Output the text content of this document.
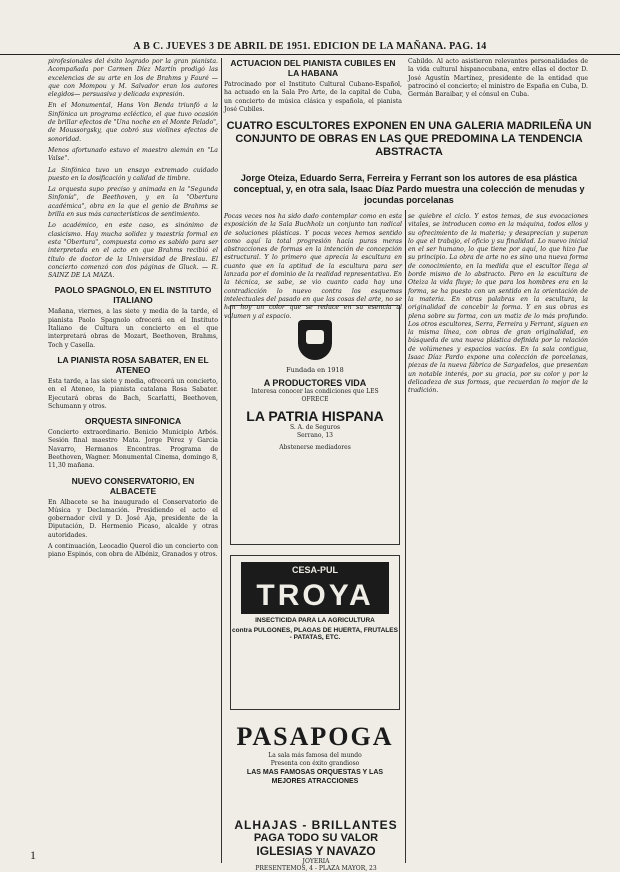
A B C. JUEVES 3 DE ABRIL DE 1951. EDICION DE LA MAÑANA. PAG. 14

pirofesionales del éxito logrado por la gran pianista. Acompañada por Carmen Díez Martín prodigó las excelencias de su arte en los de Brahms y Fauré —que con Mompou y M. Salvador eran los autores elegidos— persuasiva y delicada expresión.

En el Monumental, Hans Von Benda triunfó a la Sinfónica un programa ecléctico, el que tuvo ocasión de brillar efectos de "Una noche en el Monte Pelado", de Moussorgsky, que cobró sus violines efectos de sonoridad.

Menos afortunado estuvo el maestro alemán en "La Valse".

La Sinfónica tuvo un ensayo extremado cuidado puesto en la dosificación y calidad de timbre.

La orquesta supo preciso y animada en la "Segunda Sinfonía", de Beethoven, y en la "Obertura académica", obra en la que el genio de Brahms se brilla en sus más característicos de sentimiento.

Lo académico, en este caso, es sinónimo de clasicismo. Hay mucha solidez y maestría formal en esta "Obertura", compuesta como es sabido para ser interpretada en el acto en que Brahms recibió el título de doctor de la Universidad de Breslau. El concierto comenzó con dos páginas de Gluck. — R. SAINZ DE LA MAZA.

PAOLO SPAGNOLO, EN EL INSTITUTO ITALIANO

Mañana, viernes, a las siete y media de la tarde, el pianista Paolo Spagnolo ofrecerá en el Instituto Italiano de Cultura un concierto en el que interpretará obras de Mozart, Beethoven, Brahms, Toch y Casella.

LA PIANISTA ROSA SABATER, EN EL ATENEO

Esta tarde, a las siete y media, ofrecerá un concierto, en el Ateneo, la pianista catalana Rosa Sabater. Ejecutará obras de Bach, Scarlatti, Beethoven, Schumann y otros.

ORQUESTA SINFONICA

Concierto extraordinario. Benicio Municipio Arbós. Sesión final maestro Mata. Jorge Pérez y Garcia Navarro, Hermanos Encontras. Programa de Beethoven, Wagner. Monumental Cinema, domingo 8, 11,30 mañana.

NUEVO CONSERVATORIO, EN ALBACETE

En Albacete se ha inaugurado el Conservatorio de Música y Declamación. Presidiendo el acto el gobernador civil y D. José Aja, presidente de la Diputación, D. Hermenio Picaso, alcalde y otras autoridades.

A continuación, Leocadio Querol dio un concierto con piano Espinós, con obra de Albéniz, Granados y otros.

ACTUACION DEL PIANISTA CUBILES EN LA HABANA

Patrocinado por el Instituto Cultural Cubano-Español, ha actuado en la Sala Pro Arte, de la capital de Cuba, un concierto de música clásica y española, el pianista José Cubiles.

Cabildo. Al acto asistieron relevantes personalidades de la vida cultural hispanocubana, entre ellas el doctor D. José Agustín Martínez, presidente de la entidad que patrocinó el concierto; el ministro de España en Cuba, D. Germán Baraibar, y el cónsul en Cuba.

CUATRO ESCULTORES EXPONEN EN UNA GALERIA MADRILEÑA UN CONJUNTO DE OBRAS EN LAS QUE PREDOMINA LA TENDENCIA ABSTRACTA
Jorge Oteiza, Eduardo Serra, Ferreira y Ferrant son los autores de esa plástica conceptual, y, en otra sala, Isaac Díaz Pardo muestra una colección de menudas y jocundas porcelanas

Pocas veces nos ha sido dado contemplar como en esta exposición de la Sala Buchholz un conjunto tan radical de soluciones plásticas. Y pocas veces hemos sentido como aquí la total progresión hacia puras meras abstracciones de formas en la intención de concepción estructural. Y lo primero que aprecia la escultura en cuanto que en la aptitud de la escultura para ser lanzada por el dominio de la realidad representativa. En la técnica, se sabe, se vio cuanto cada hay una contradicción lo nuevo contra los esquemas intelectuales del pasado en que las cosas del arte, no se han hoy un color que se reduce en su esencia al volumen y al espacio.

se quiebre el ciclo. Y estos temas, de sus evocaciones vitales, se introducen como en la máquina, todos ellos y su ofrecimiento de la materia; y desaprecian y superan lo que el trabajo, el oficio y su finalidad. Lo nuevo inicial en el ser humano, lo que tiene por aquí, lo que hizo fue su principio. La obra de arte no es sino una nueva forma de conocimiento, en la medida que el escultor llega al borde mismo de lo abstracto. Pero en la escultura de Oteiza la vida fluye; lo que para los hombres era en la forma, se ha puesto con un sentido en la orientación de la materia. En otras palabras en la escultura, la originalidad de concebir la forma. Y en sus obras es plena sobre su forma, con un matiz de lo más profundo. Los otros escultores, Serra, Ferreira y Ferrant, siguen en la misma línea, con obras de gran originalidad, en búsqueda de una nueva plástica definida por la relación de volúmenes y espacios vacíos. En la sala contigua, Isaac Díaz Pardo expone una colección de porcelanas, piezas de la nueva fábrica de Sargadelos, que presentan un notable interés, por su gracia, por su color y por la delicadeza de sus formas, que recuerdan lo mejor de la tradición.

Fundada en 1918
A PRODUCTORES VIDA
Interesa conocer las condiciones que LES OFRECE
LA PATRIA HISPANA
S. A. de Seguros
Serrano, 13
Abstenerse mediadores
CESA-PUL
TROYA
INSECTICIDA PARA LA AGRICULTURA
contra PULGONES, PLAGAS DE HUERTA, FRUTALES - PATATAS, ETC.
PASAPOGA
La sala más famosa del mundo
Presenta con éxito grandioso
LAS MAS FAMOSAS ORQUESTAS Y LAS MEJORES ATRACCIONES
ALHAJAS - BRILLANTES
PAGA TODO SU VALOR
IGLESIAS Y NAVAZO
JOYERIA
PRESENTEMOS, 4 - PLAZA MAYOR, 23
1
